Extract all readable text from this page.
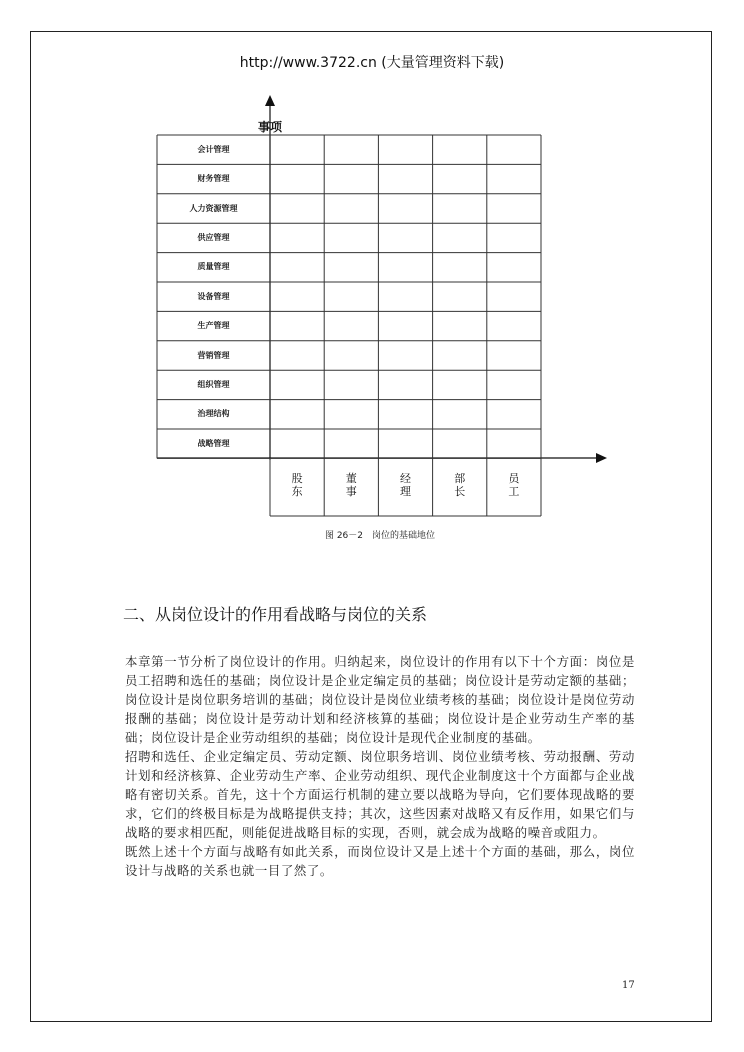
http://www.3722.cn (大量管理资料下载)
事项
会计管理
财务管理
人力资源管理
供应管理
质量管理
设备管理
生产管理
营销管理
组织管理
治理结构
战略管理
股东
董事
经理
部长
员工
图 26－2　岗位的基础地位
二、从岗位设计的作用看战略与岗位的关系

本章第一节分析了岗位设计的作用。归纳起来，岗位设计的作用有以下十个方面：岗位是员工招聘和选任的基础；岗位设计是企业定编定员的基础；岗位设计是劳动定额的基础；岗位设计是岗位职务培训的基础；岗位设计是岗位业绩考核的基础；岗位设计是岗位劳动报酬的基础；岗位设计是劳动计划和经济核算的基础；岗位设计是企业劳动生产率的基础；岗位设计是企业劳动组织的基础；岗位设计是现代企业制度的基础。

招聘和选任、企业定编定员、劳动定额、岗位职务培训、岗位业绩考核、劳动报酬、劳动计划和经济核算、企业劳动生产率、企业劳动组织、现代企业制度这十个方面都与企业战略有密切关系。首先，这十个方面运行机制的建立要以战略为导向，它们要体现战略的要求，它们的终极目标是为战略提供支持；其次，这些因素对战略又有反作用，如果它们与战略的要求相匹配，则能促进战略目标的实现，否则，就会成为战略的噪音或阻力。

既然上述十个方面与战略有如此关系，而岗位设计又是上述十个方面的基础，那么，岗位设计与战略的关系也就一目了然了。

17
